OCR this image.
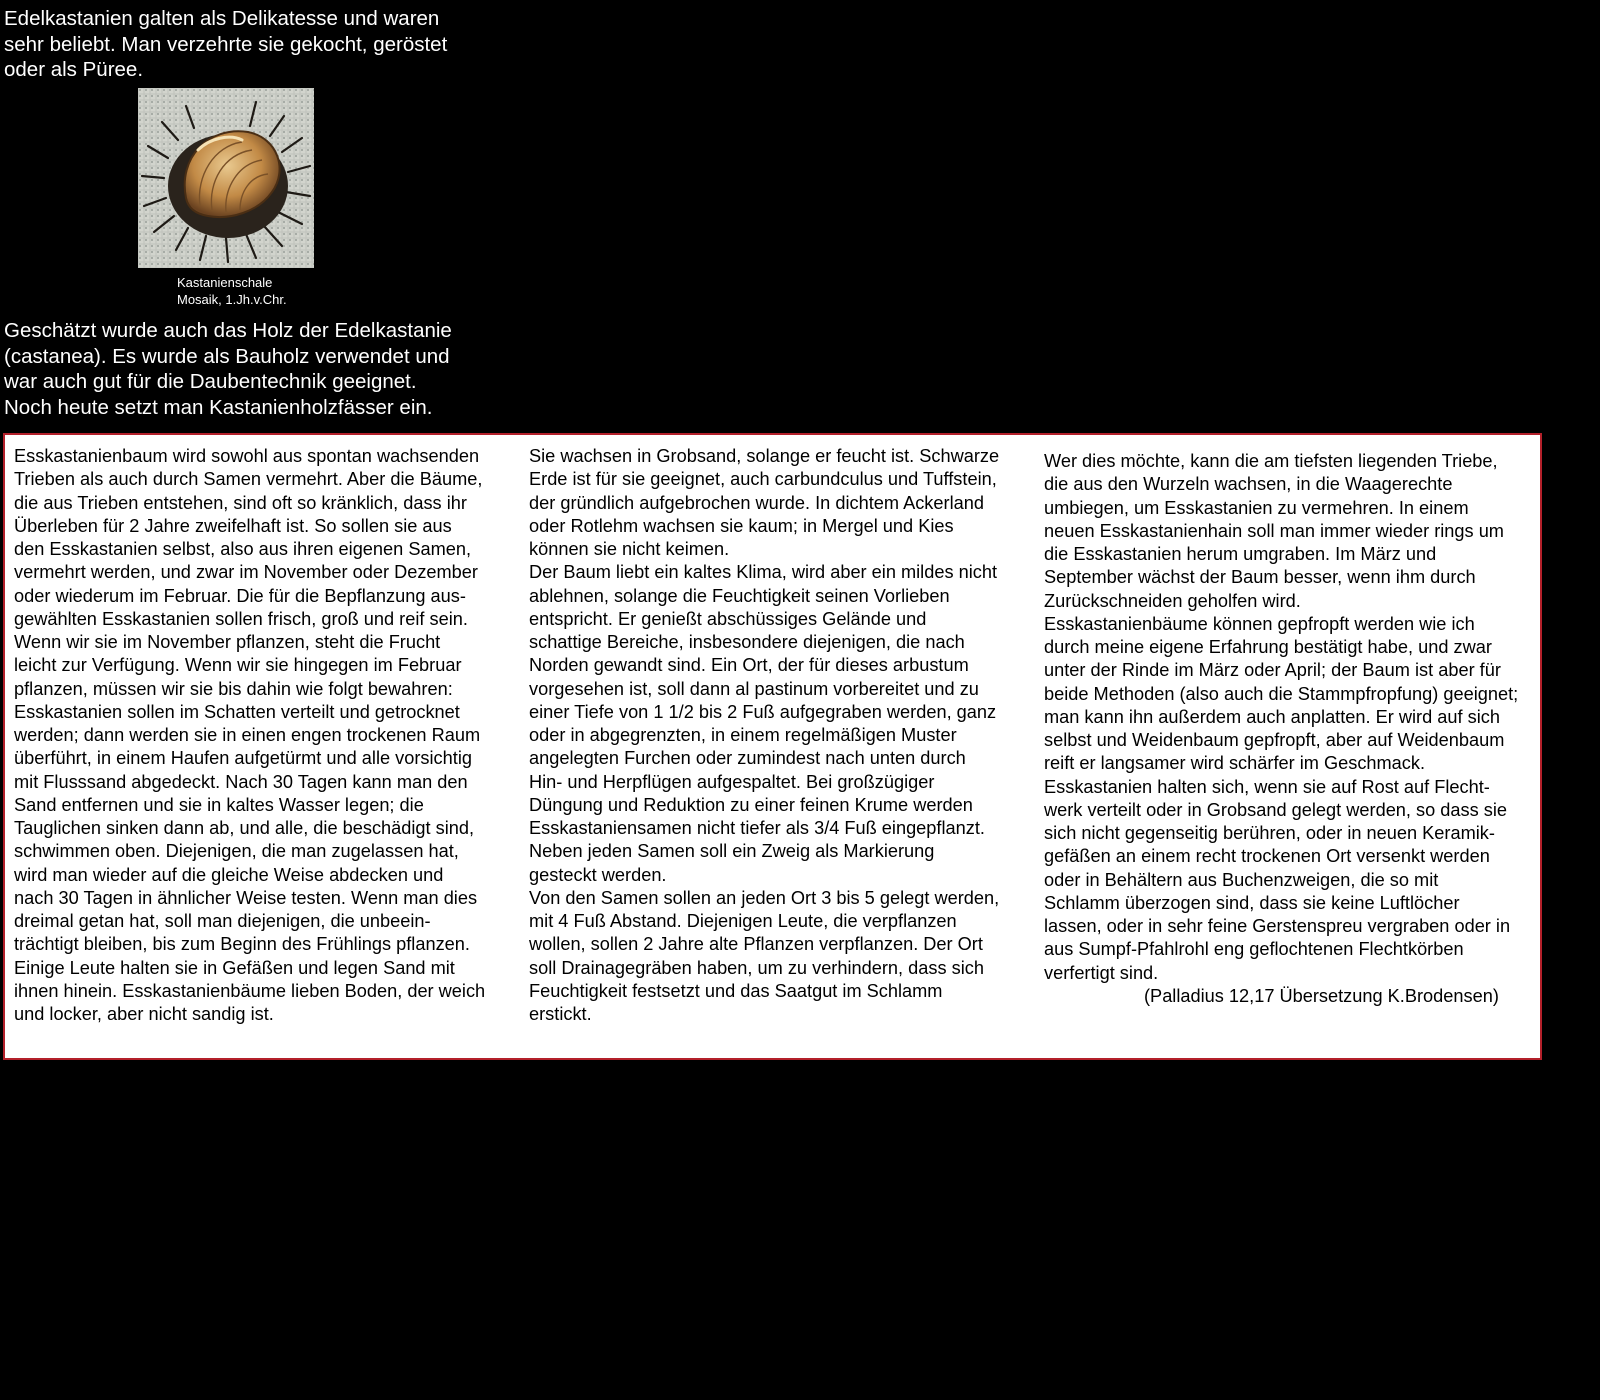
Edelkastanien galten als Delikatesse und waren
sehr beliebt. Man verzehrte sie gekocht, geröstet
oder als Püree.

Kastanienschale
Mosaik, 1.Jh.v.Chr.

Geschätzt wurde auch das Holz der Edelkastanie
(castanea). Es wurde als Bauholz verwendet und
war auch gut für die Daubentechnik geeignet.
Noch heute setzt man Kastanienholzfässer ein.

Esskastanienbaum wird sowohl aus spontan wachsenden
Trieben als auch durch Samen vermehrt. Aber die Bäume,
die aus Trieben entstehen, sind oft so kränklich, dass ihr
Überleben für 2 Jahre zweifelhaft ist. So sollen sie aus
den Esskastanien selbst, also aus ihren eigenen Samen,
vermehrt werden, und zwar im November oder Dezember
oder wiederum im Februar. Die für die Bepflanzung aus-
gewählten Esskastanien sollen frisch, groß und reif sein.
Wenn wir sie im November pflanzen, steht die Frucht
leicht zur Verfügung. Wenn wir sie hingegen im Februar
pflanzen, müssen wir sie bis dahin wie folgt bewahren:
Esskastanien sollen im Schatten verteilt und getrocknet
werden; dann werden sie in einen engen trockenen Raum
überführt, in einem Haufen aufgetürmt und alle vorsichtig
mit Flusssand abgedeckt. Nach 30 Tagen kann man den
Sand entfernen und sie in kaltes Wasser legen; die
Tauglichen sinken dann ab, und alle, die beschädigt sind,
schwimmen oben. Diejenigen, die man zugelassen hat,
wird man wieder auf die gleiche Weise abdecken und
nach 30 Tagen in ähnlicher Weise testen. Wenn man dies
dreimal getan hat, soll man diejenigen, die unbeein-
trächtigt bleiben, bis zum Beginn des Frühlings pflanzen.
Einige Leute halten sie in Gefäßen und legen Sand mit
ihnen hinein. Esskastanienbäume lieben Boden, der weich
und locker, aber nicht sandig ist.
Sie wachsen in Grobsand, solange er feucht ist. Schwarze
Erde ist für sie geeignet, auch carbundculus und Tuffstein,
der gründlich aufgebrochen wurde. In dichtem Ackerland
oder Rotlehm wachsen sie kaum; in Mergel und Kies
können sie nicht keimen.
Der Baum liebt ein kaltes Klima, wird aber ein mildes nicht
ablehnen, solange die Feuchtigkeit seinen Vorlieben
entspricht. Er genießt abschüssiges Gelände und
schattige Bereiche, insbesondere diejenigen, die nach
Norden gewandt sind. Ein Ort, der für dieses arbustum
vorgesehen ist, soll dann al pastinum vorbereitet und zu
einer Tiefe von 1 1/2 bis 2 Fuß aufgegraben werden, ganz
oder in abgegrenzten, in einem regelmäßigen Muster
angelegten Furchen oder zumindest nach unten durch
Hin- und Herpflügen aufgespaltet. Bei großzügiger
Düngung und Reduktion zu einer feinen Krume werden
Esskastaniensamen nicht tiefer als 3/4 Fuß eingepflanzt.
Neben jeden Samen soll ein Zweig als Markierung
gesteckt werden.
Von den Samen sollen an jeden Ort 3 bis 5 gelegt werden,
mit 4 Fuß Abstand. Diejenigen Leute, die verpflanzen
wollen, sollen 2 Jahre alte Pflanzen verpflanzen. Der Ort
soll Drainagegräben haben, um zu verhindern, dass sich
Feuchtigkeit festsetzt und das Saatgut im Schlamm
erstickt.
Wer dies möchte, kann die am tiefsten liegenden Triebe,
die aus den Wurzeln wachsen, in die Waagerechte
umbiegen, um Esskastanien zu vermehren. In einem
neuen Esskastanienhain soll man immer wieder rings um
die Esskastanien herum umgraben. Im März und
September wächst der Baum besser, wenn ihm durch
Zurückschneiden geholfen wird.
Esskastanienbäume können gepfropft werden wie ich
durch meine eigene Erfahrung bestätigt habe, und zwar
unter der Rinde im März oder April; der Baum ist aber für
beide Methoden (also auch die Stammpfropfung) geeignet;
man kann ihn außerdem auch anplatten. Er wird auf sich
selbst und Weidenbaum gepfropft, aber auf Weidenbaum
reift er langsamer wird schärfer im Geschmack.
Esskastanien halten sich, wenn sie auf Rost auf Flecht-
werk verteilt oder in Grobsand gelegt werden, so dass sie
sich nicht gegenseitig berühren, oder in neuen Keramik-
gefäßen an einem recht trockenen Ort versenkt werden
oder in Behältern aus Buchenzweigen, die so mit
Schlamm überzogen sind, dass sie keine Luftlöcher
lassen, oder in sehr feine Gerstenspreu vergraben oder in
aus Sumpf-Pfahlrohl eng geflochtenen Flechtkörben
verfertigt sind.

(Palladius 12,17 Übersetzung K.Brodensen)
